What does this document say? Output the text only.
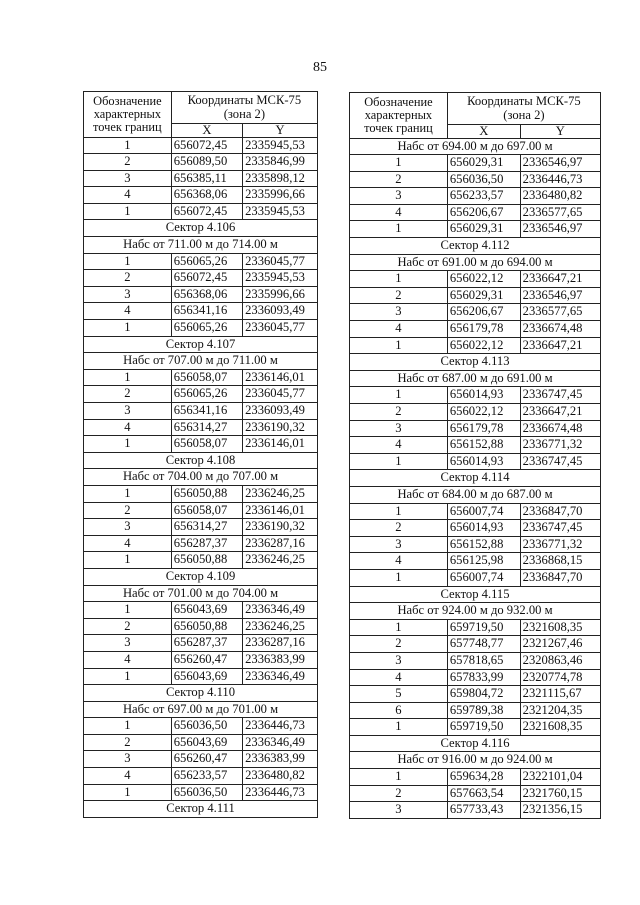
85
Обозначение характерных точек границ	Координаты МСК-75 (зона 2)	
	X	Y
1	656072,45	2335945,53
2	656089,50	2335846,99
3	656385,11	2335898,12
4	656368,06	2335996,66
1	656072,45	2335945,53
Сектор 4.106		
Набс от 711.00 м до 714.00 м		
1	656065,26	2336045,77
2	656072,45	2335945,53
3	656368,06	2335996,66
4	656341,16	2336093,49
1	656065,26	2336045,77
Сектор 4.107		
Набс от 707.00 м до 711.00 м		
1	656058,07	2336146,01
2	656065,26	2336045,77
3	656341,16	2336093,49
4	656314,27	2336190,32
1	656058,07	2336146,01
Сектор 4.108		
Набс от 704.00 м до 707.00 м		
1	656050,88	2336246,25
2	656058,07	2336146,01
3	656314,27	2336190,32
4	656287,37	2336287,16
1	656050,88	2336246,25
Сектор 4.109		
Набс от 701.00 м до 704.00 м		
1	656043,69	2336346,49
2	656050,88	2336246,25
3	656287,37	2336287,16
4	656260,47	2336383,99
1	656043,69	2336346,49
Сектор 4.110		
Набс от 697.00 м до 701.00 м		
1	656036,50	2336446,73
2	656043,69	2336346,49
3	656260,47	2336383,99
4	656233,57	2336480,82
1	656036,50	2336446,73
Сектор 4.111		
Обозначение характерных точек границ	Координаты МСК-75 (зона 2)	
	X	Y
Набс от 694.00 м до 697.00 м		
1	656029,31	2336546,97
2	656036,50	2336446,73
3	656233,57	2336480,82
4	656206,67	2336577,65
1	656029,31	2336546,97
Сектор 4.112		
Набс от 691.00 м до 694.00 м		
1	656022,12	2336647,21
2	656029,31	2336546,97
3	656206,67	2336577,65
4	656179,78	2336674,48
1	656022,12	2336647,21
Сектор 4.113		
Набс от 687.00 м до 691.00 м		
1	656014,93	2336747,45
2	656022,12	2336647,21
3	656179,78	2336674,48
4	656152,88	2336771,32
1	656014,93	2336747,45
Сектор 4.114		
Набс от 684.00 м до 687.00 м		
1	656007,74	2336847,70
2	656014,93	2336747,45
3	656152,88	2336771,32
4	656125,98	2336868,15
1	656007,74	2336847,70
Сектор 4.115		
Набс от 924.00 м до 932.00 м		
1	659719,50	2321608,35
2	657748,77	2321267,46
3	657818,65	2320863,46
4	657833,99	2320774,78
5	659804,72	2321115,67
6	659789,38	2321204,35
1	659719,50	2321608,35
Сектор 4.116		
Набс от 916.00 м до 924.00 м		
1	659634,28	2322101,04
2	657663,54	2321760,15
3	657733,43	2321356,15
